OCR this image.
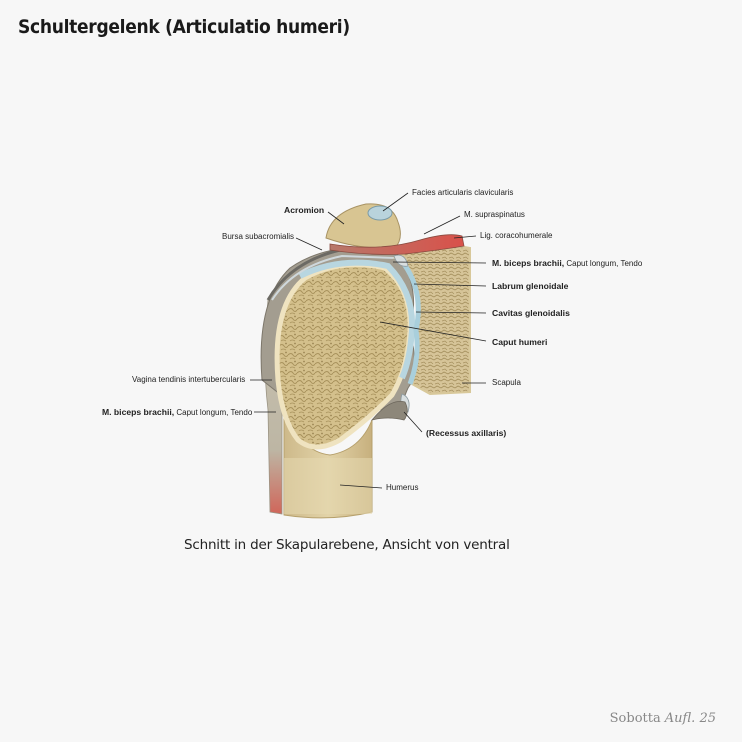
Schultergelenk (Articulatio humeri)
Facies articularis clavicularis
M. supraspinatus
Acromion
Lig. coracohumerale
Bursa subacromialis
M. biceps brachii, Caput longum, Tendo
Labrum glenoidale
Cavitas glenoidalis
Caput humeri
Vagina tendinis intertubercularis	Scapula
M. biceps brachii, Caput longum, Tendo
(Recessus axillaris)
Humerus
Schnitt in der Skapularebene, Ansicht von ventral
Sobotta Aufl. 25
